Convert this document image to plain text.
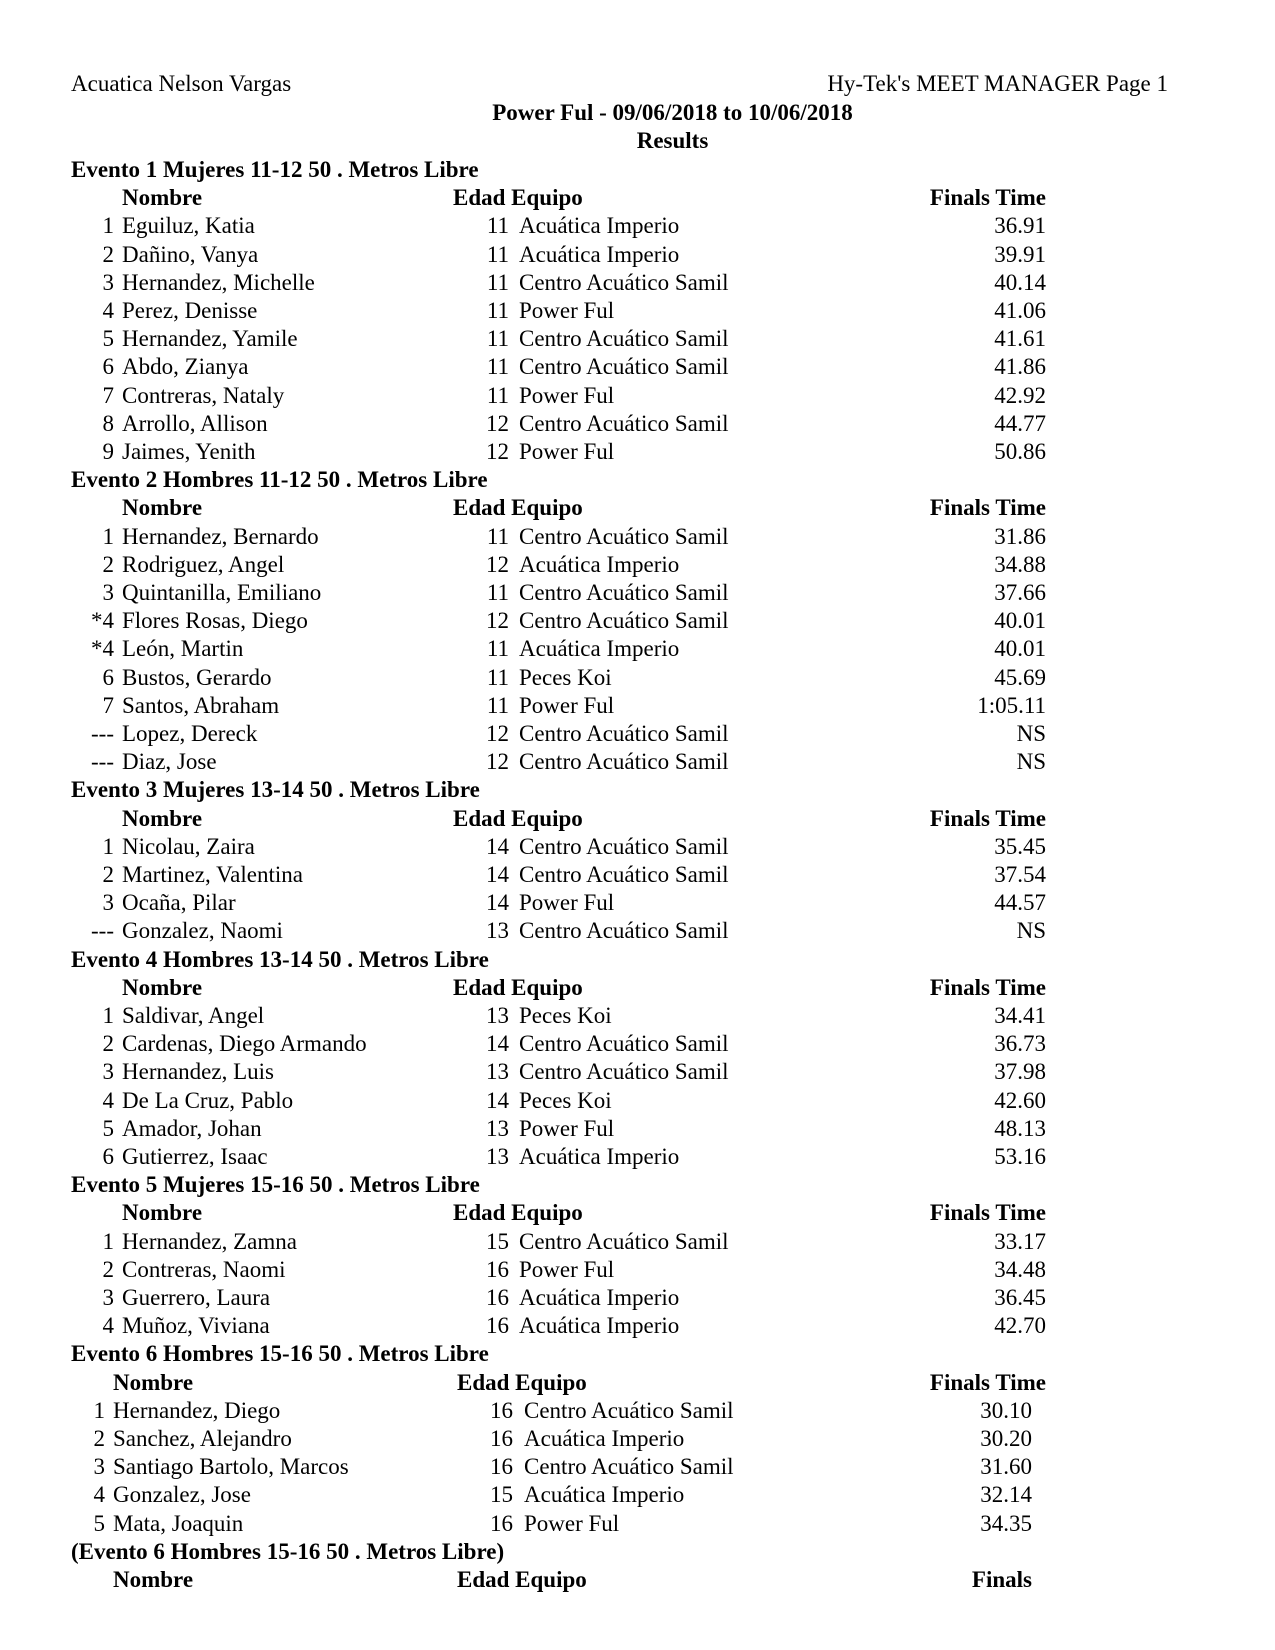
Acuatica Nelson Vargas	Hy-Tek's MEET MANAGER Page 1
Power Ful - 09/06/2018 to 10/06/2018
Results
Evento 1 Mujeres 11-12 50 . Metros Libre
Nombre	Edad Equipo	Finals Time
1 Eguiluz, Katia	11 Acuática Imperio	36.91
2 Dañino, Vanya	11 Acuática Imperio	39.91
3 Hernandez, Michelle	11 Centro Acuático Samil	40.14
4 Perez, Denisse	11 Power Ful	41.06
5 Hernandez, Yamile	11 Centro Acuático Samil	41.61
6 Abdo, Zianya	11 Centro Acuático Samil	41.86
7 Contreras, Nataly	11 Power Ful	42.92
8 Arrollo, Allison	12 Centro Acuático Samil	44.77
9 Jaimes, Yenith	12 Power Ful	50.86
Evento 2 Hombres 11-12 50 . Metros Libre
Nombre	Edad Equipo	Finals Time
1 Hernandez, Bernardo	11 Centro Acuático Samil	31.86
2 Rodriguez, Angel	12 Acuática Imperio	34.88
3 Quintanilla, Emiliano	11 Centro Acuático Samil	37.66
*4 Flores Rosas, Diego	12 Centro Acuático Samil	40.01
*4 León, Martin	11 Acuática Imperio	40.01
6 Bustos, Gerardo	11 Peces Koi	45.69
7 Santos, Abraham	11 Power Ful	1:05.11
--- Lopez, Dereck	12 Centro Acuático Samil	NS
--- Diaz, Jose	12 Centro Acuático Samil	NS
Evento 3 Mujeres 13-14 50 . Metros Libre
Nombre	Edad Equipo	Finals Time
1 Nicolau, Zaira	14 Centro Acuático Samil	35.45
2 Martinez, Valentina	14 Centro Acuático Samil	37.54
3 Ocaña, Pilar	14 Power Ful	44.57
--- Gonzalez, Naomi	13 Centro Acuático Samil	NS
Evento 4 Hombres 13-14 50 . Metros Libre
Nombre	Edad Equipo	Finals Time
1 Saldivar, Angel	13 Peces Koi	34.41
2 Cardenas, Diego Armando	14 Centro Acuático Samil	36.73
3 Hernandez, Luis	13 Centro Acuático Samil	37.98
4 De La Cruz, Pablo	14 Peces Koi	42.60
5 Amador, Johan	13 Power Ful	48.13
6 Gutierrez, Isaac	13 Acuática Imperio	53.16
Evento 5 Mujeres 15-16 50 . Metros Libre
Nombre	Edad Equipo	Finals Time
1 Hernandez, Zamna	15 Centro Acuático Samil	33.17
2 Contreras, Naomi	16 Power Ful	34.48
3 Guerrero, Laura	16 Acuática Imperio	36.45
4 Muñoz, Viviana	16 Acuática Imperio	42.70
Evento 6 Hombres 15-16 50 . Metros Libre
Nombre	Edad Equipo	Finals Time
1 Hernandez, Diego	16 Centro Acuático Samil	30.10
2 Sanchez, Alejandro	16 Acuática Imperio	30.20
3 Santiago Bartolo, Marcos	16 Centro Acuático Samil	31.60
4 Gonzalez, Jose	15 Acuática Imperio	32.14
5 Mata, Joaquin	16 Power Ful	34.35
(Evento 6 Hombres 15-16 50 . Metros Libre)
Nombre	Edad Equipo	Finals
